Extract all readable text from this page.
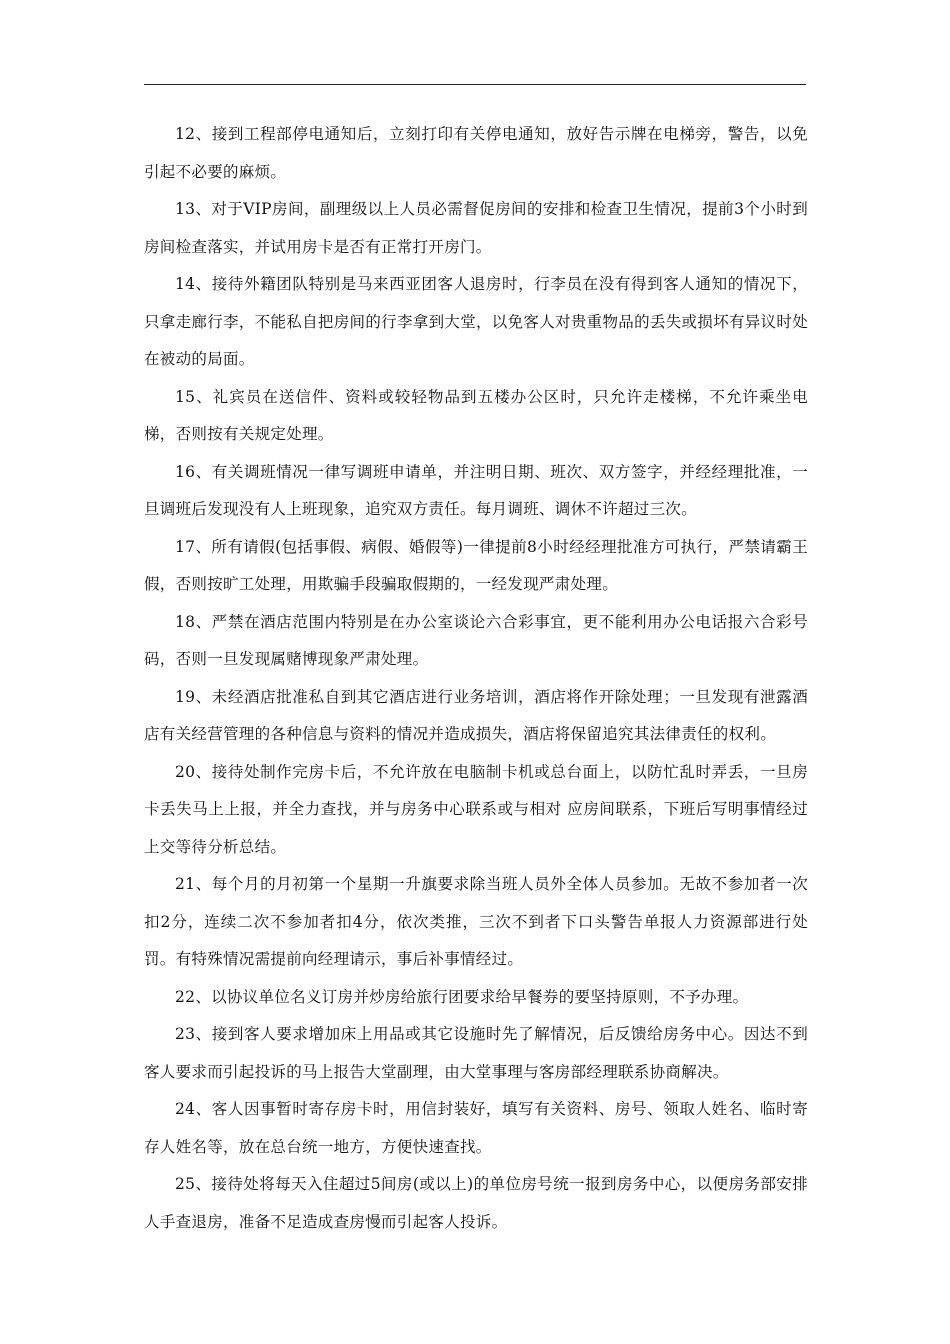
12、接到工程部停电通知后，立刻打印有关停电通知，放好告示牌在电梯旁，警告，以免引起不必要的麻烦。

13、对于VIP房间，副理级以上人员必需督促房间的安排和检查卫生情况，提前3个小时到房间检查落实，并试用房卡是否有正常打开房门。

14、接待外籍团队特别是马来西亚团客人退房时，行李员在没有得到客人通知的情况下，只拿走廊行李，不能私自把房间的行李拿到大堂，以免客人对贵重物品的丢失或损坏有异议时处在被动的局面。

15、礼宾员在送信件、资料或较轻物品到五楼办公区时，只允许走楼梯，不允许乘坐电梯，否则按有关规定处理。

16、有关调班情况一律写调班申请单，并注明日期、班次、双方签字，并经经理批准，一旦调班后发现没有人上班现象，追究双方责任。每月调班、调休不许超过三次。

17、所有请假(包括事假、病假、婚假等)一律提前8小时经经理批准方可执行，严禁请霸王假，否则按旷工处理，用欺骗手段骗取假期的，一经发现严肃处理。

18、严禁在酒店范围内特别是在办公室谈论六合彩事宜，更不能利用办公电话报六合彩号码，否则一旦发现属赌博现象严肃处理。

19、未经酒店批准私自到其它酒店进行业务培训，酒店将作开除处理；一旦发现有泄露酒店有关经营管理的各种信息与资料的情况并造成损失，酒店将保留追究其法律责任的权利。

20、接待处制作完房卡后，不允许放在电脑制卡机或总台面上，以防忙乱时弄丢，一旦房卡丢失马上上报，并全力查找，并与房务中心联系或与相对 应房间联系，下班后写明事情经过上交等待分析总结。

21、每个月的月初第一个星期一升旗要求除当班人员外全体人员参加。无故不参加者一次扣2分，连续二次不参加者扣4分，依次类推，三次不到者下口头警告单报人力资源部进行处罚。有特殊情况需提前向经理请示，事后补事情经过。

22、以协议单位名义订房并炒房给旅行团要求给早餐券的要坚持原则，不予办理。

23、接到客人要求增加床上用品或其它设施时先了解情况，后反馈给房务中心。因达不到客人要求而引起投诉的马上报告大堂副理，由大堂事理与客房部经理联系协商解决。

24、客人因事暂时寄存房卡时，用信封装好，填写有关资料、房号、领取人姓名、临时寄存人姓名等，放在总台统一地方，方便快速查找。

25、接待处将每天入住超过5间房(或以上)的单位房号统一报到房务中心，以便房务部安排人手查退房，准备不足造成查房慢而引起客人投诉。
